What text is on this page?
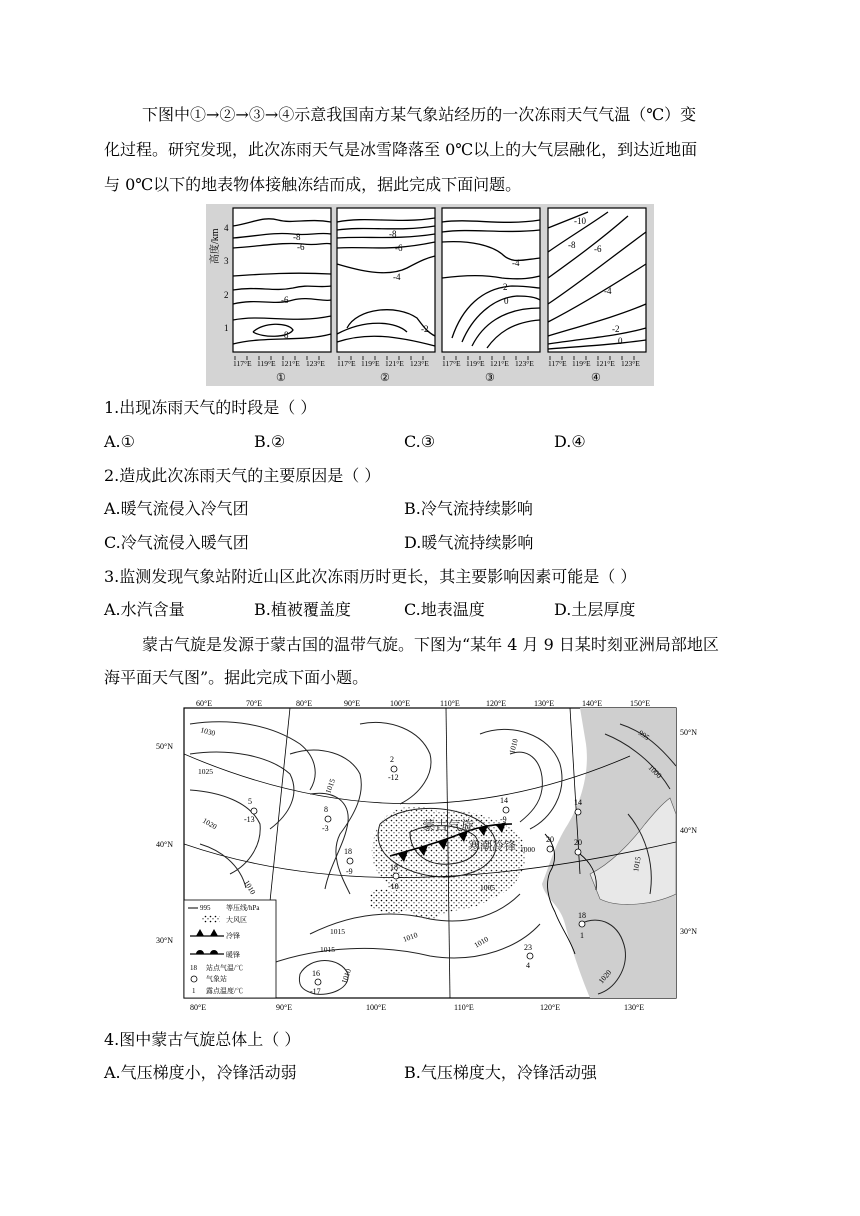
下图中①→②→③→④示意我国南方某气象站经历的一次冻雨天气气温（℃）变
化过程。研究发现，此次冻雨天气是冰雪降落至 0℃以上的大气层融化，到达近地面
与 0℃以下的地表物体接触冻结而成，据此完成下面问题。
高度/km
4
3
2
1
-8
-6
-6
-8
-8
-6
-4
-2
-4
-2
0
-10
-8 -6
-4
-2
0
117°E 119°E 121°E 123°E 117°E 119°E 121°E 123°E 117°E 119°E 121°E 123°E 117°E 119°E 121°E 123°E
①	②	③	④
1.出现冻雨天气的时段是（ ）
A.①	B.②	C.③	D.④
2.造成此次冻雨天气的主要原因是（ ）
A.暖气流侵入冷气团	B.冷气流持续影响
C.冷气流侵入暖气团	D.暖气流持续影响
3.监测发现气象站附近山区此次冻雨历时更长，其主要影响因素可能是（ ）
A.水汽含量	B.植被覆盖度	C.地表温度	D.土层厚度
蒙古气旋是发源于蒙古国的温带气旋。下图为“某年 4 月 9 日某时刻亚洲局部地区
海平面天气图”。据此完成下面小题。
60°E	70°E	80°E	90°E	100°E	110°E	120°E	130°E	140°E	150°E
80°E	90°E	100°E	110°E	120°E	130°E
50°N
40°N
30°N
50°N
40°N
30°N
1030
1025
1020
1015
1010
1015	1010
1005
1000
1010
995
1000
1015
1020
1010
1015
1010
2
-12
5
-13
8
-3
18
-9
14
-9
14
20
18
1
23
4
16
-17
18
-10
20
蒙古气旋
寒潮冷锋
995 等压线/hPa
大风区
冷锋
暖锋
18 站点气温/℃
气象站
1 露点温度/℃
4.图中蒙古气旋总体上（ ）
A.气压梯度小，冷锋活动弱	B.气压梯度大，冷锋活动强
